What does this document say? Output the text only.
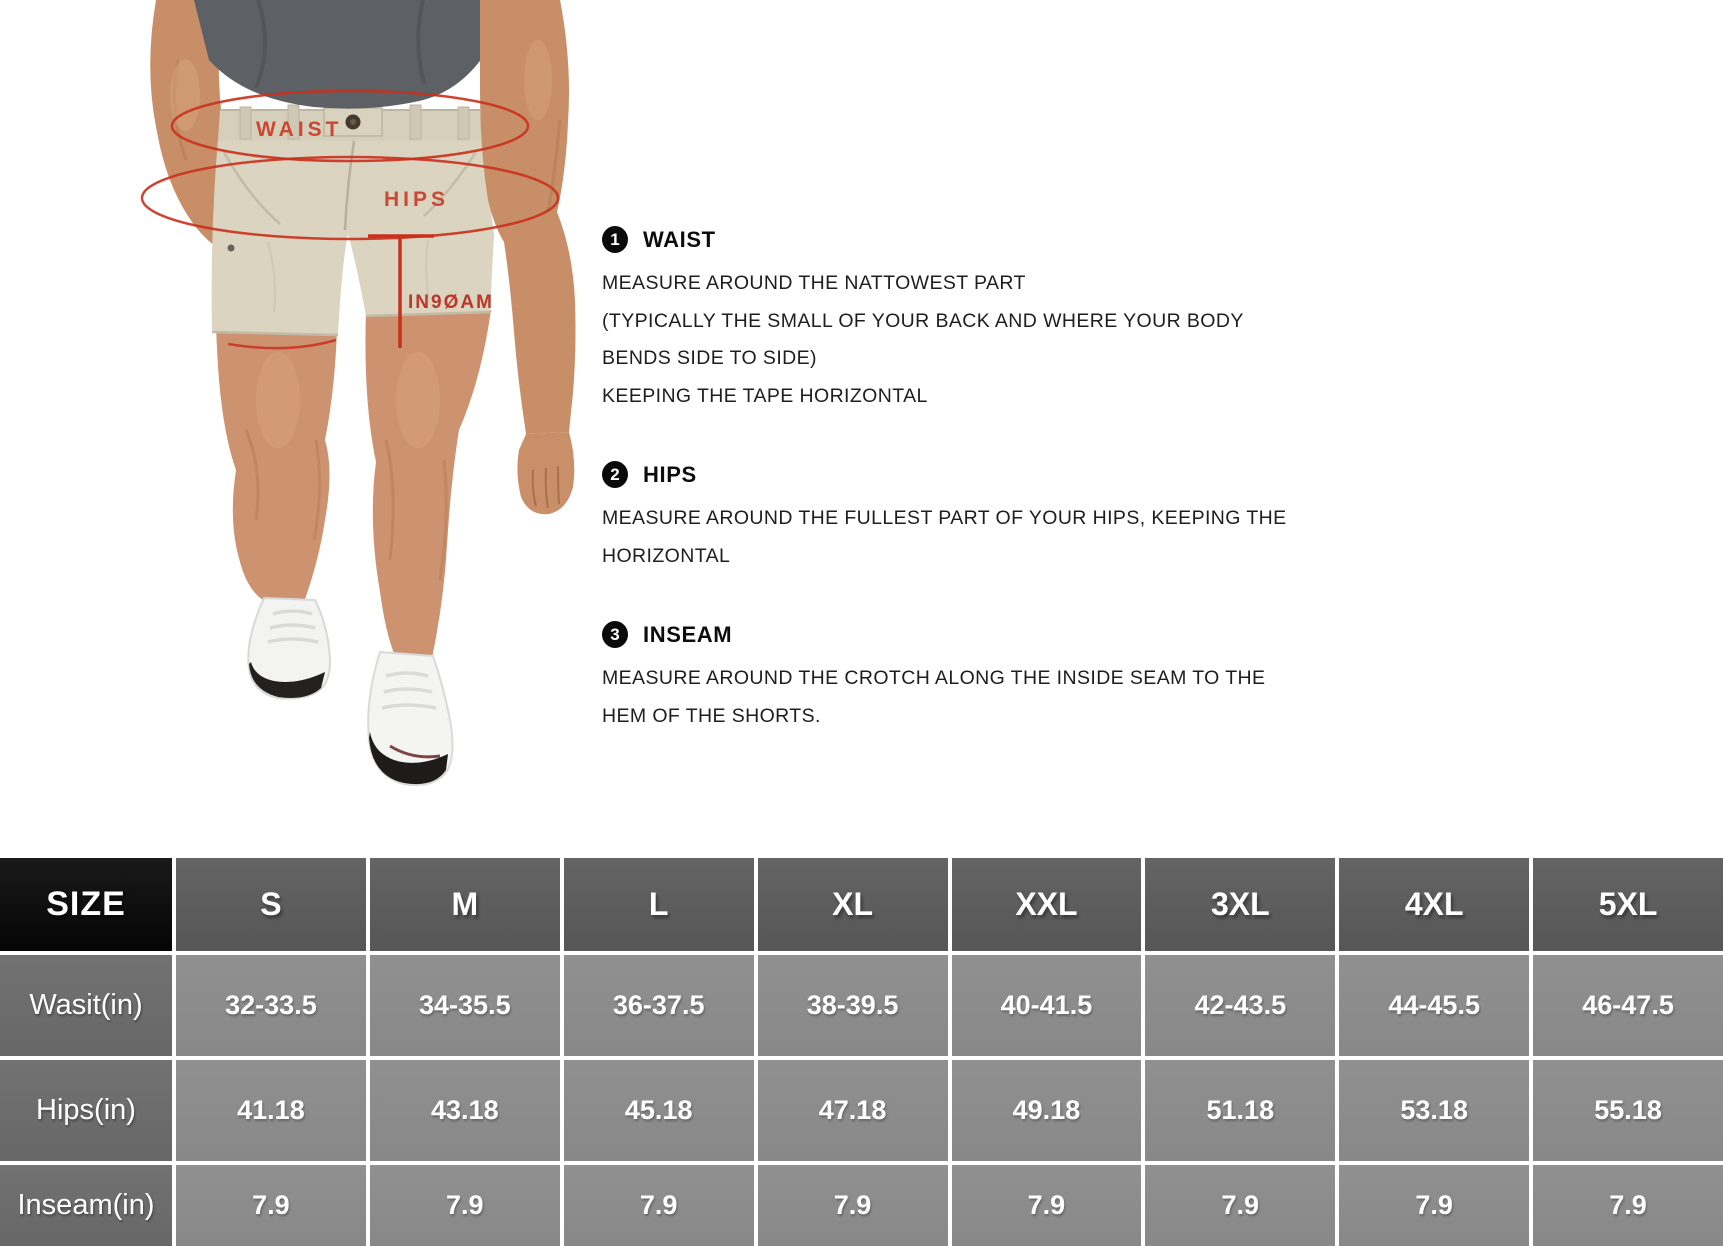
WAIST
HIPS
IN9ØAM
1	WAIST
MEASURE AROUND THE NATTOWEST PART
(TYPICALLY THE SMALL OF YOUR BACK AND WHERE YOUR BODY
BENDS SIDE TO SIDE)
KEEPING THE TAPE HORIZONTAL
2	HIPS
MEASURE AROUND THE FULLEST PART OF YOUR HIPS, KEEPING THE
HORIZONTAL
3	INSEAM
MEASURE AROUND THE CROTCH ALONG THE INSIDE SEAM TO THE
HEM OF THE SHORTS.
SIZE	S	M	L	XL	XXL	3XL	4XL	5XL
Wasit(in)	32-33.5	34-35.5	36-37.5	38-39.5	40-41.5	42-43.5	44-45.5	46-47.5
Hips(in)	41.18	43.18	45.18	47.18	49.18	51.18	53.18	55.18
Inseam(in)	7.9	7.9	7.9	7.9	7.9	7.9	7.9	7.9
